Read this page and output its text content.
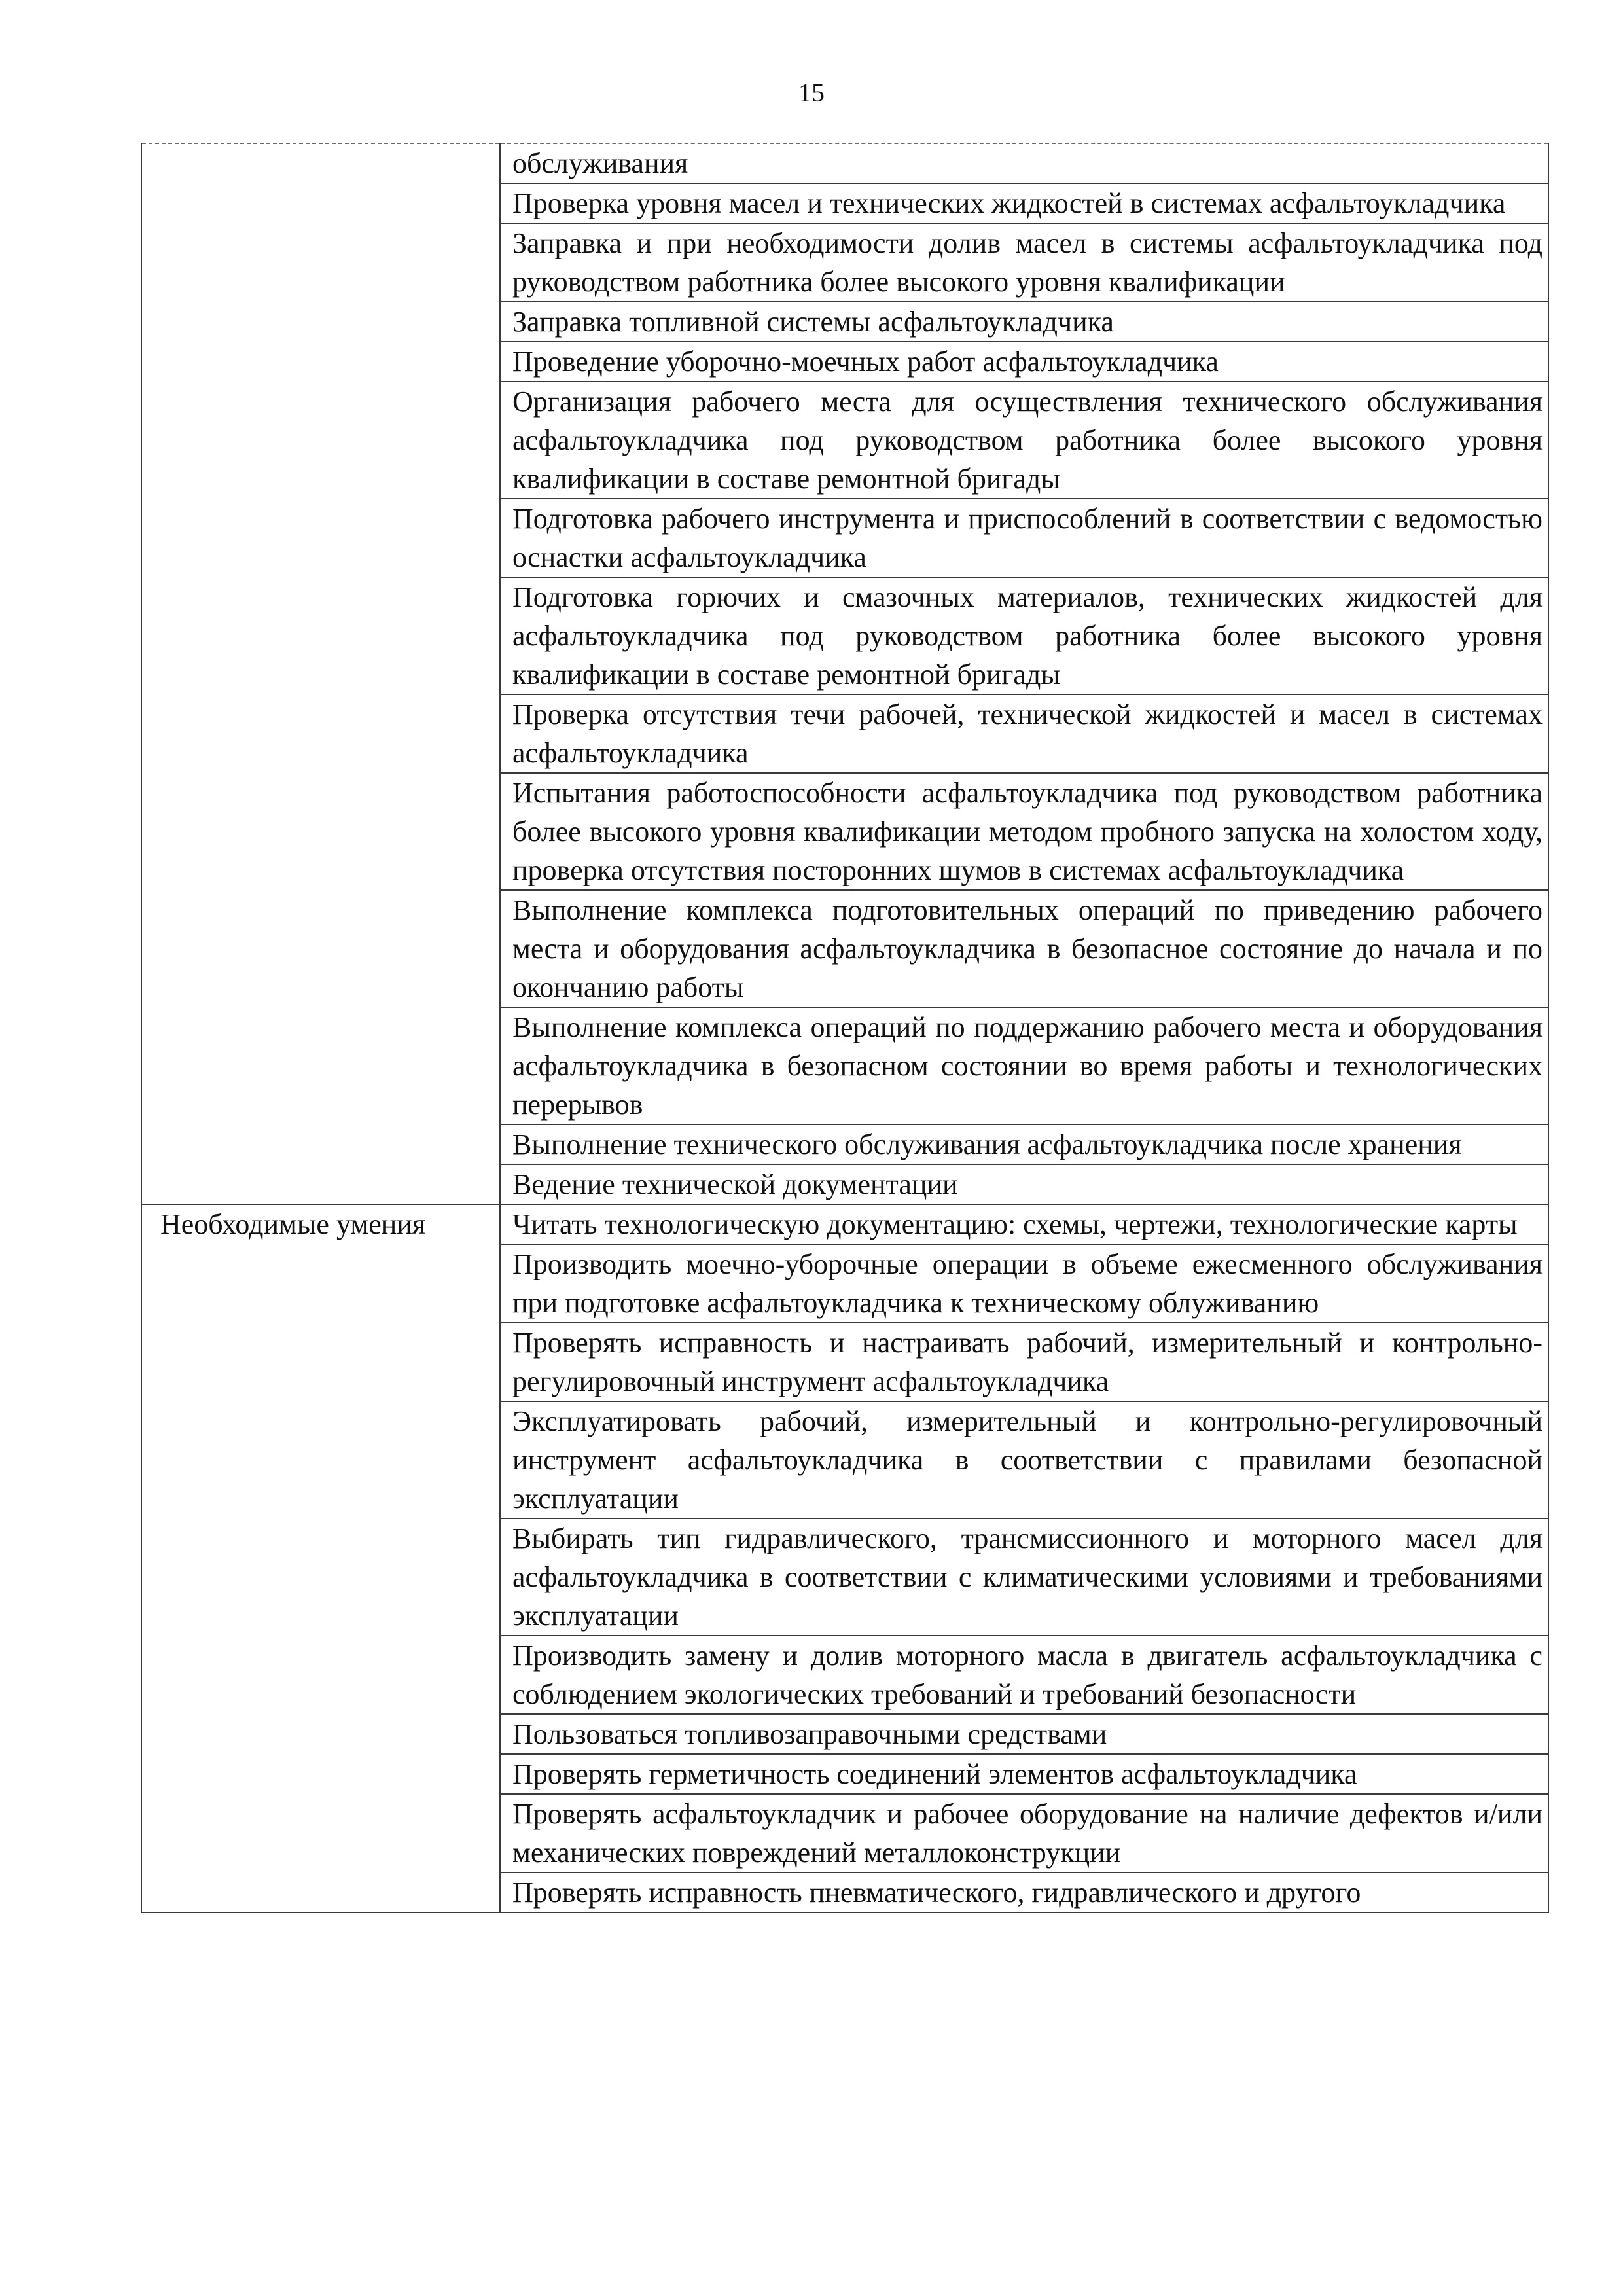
15
	обслуживания
	Проверка уровня масел и технических жидкостей в системах асфальтоукладчика
	Заправка и при необходимости долив масел в системы асфальтоукладчика под руководством работника более высокого уровня квалификации
	Заправка топливной системы асфальтоукладчика
	Проведение уборочно-моечных работ асфальтоукладчика
	Организация рабочего места для осуществления технического обслуживания асфальтоукладчика под руководством работника более высокого уровня квалификации в составе ремонтной бригады
	Подготовка рабочего инструмента и приспособлений в соответствии с ведомостью оснастки асфальтоукладчика
	Подготовка горючих и смазочных материалов, технических жидкостей для асфальтоукладчика под руководством работника более высокого уровня квалификации в составе ремонтной бригады
	Проверка отсутствия течи рабочей, технической жидкостей и масел в системах асфальтоукладчика
	Испытания работоспособности асфальтоукладчика под руководством работника более высокого уровня квалификации методом пробного запуска на холостом ходу, проверка отсутствия посторонних шумов в системах асфальтоукладчика
	Выполнение комплекса подготовительных операций по приведению рабочего места и оборудования асфальтоукладчика в безопасное состояние до начала и по окончанию работы
	Выполнение комплекса операций по поддержанию рабочего места и оборудования асфальтоукладчика в безопасном состоянии во время работы и технологических перерывов
	Выполнение технического обслуживания асфальтоукладчика после хранения
	Ведение технической документации
Необходимые умения	Читать технологическую документацию: схемы, чертежи, технологические карты
	Производить моечно-уборочные операции в объеме ежесменного обслуживания при подготовке асфальтоукладчика к техническому облуживанию
	Проверять исправность и настраивать рабочий, измерительный и контрольно-регулировочный инструмент асфальтоукладчика
	Эксплуатировать рабочий, измерительный и контрольно-регулировочный инструмент асфальтоукладчика в соответствии с правилами безопасной эксплуатации
	Выбирать тип гидравлического, трансмиссионного и моторного масел для асфальтоукладчика в соответствии с климатическими условиями и требованиями эксплуатации
	Производить замену и долив моторного масла в двигатель асфальтоукладчика с соблюдением экологических требований и требований безопасности
	Пользоваться топливозаправочными средствами
	Проверять герметичность соединений элементов асфальтоукладчика
	Проверять асфальтоукладчик и рабочее оборудование на наличие дефектов и/или механических повреждений металлоконструкции
	Проверять исправность пневматического, гидравлического и другого
